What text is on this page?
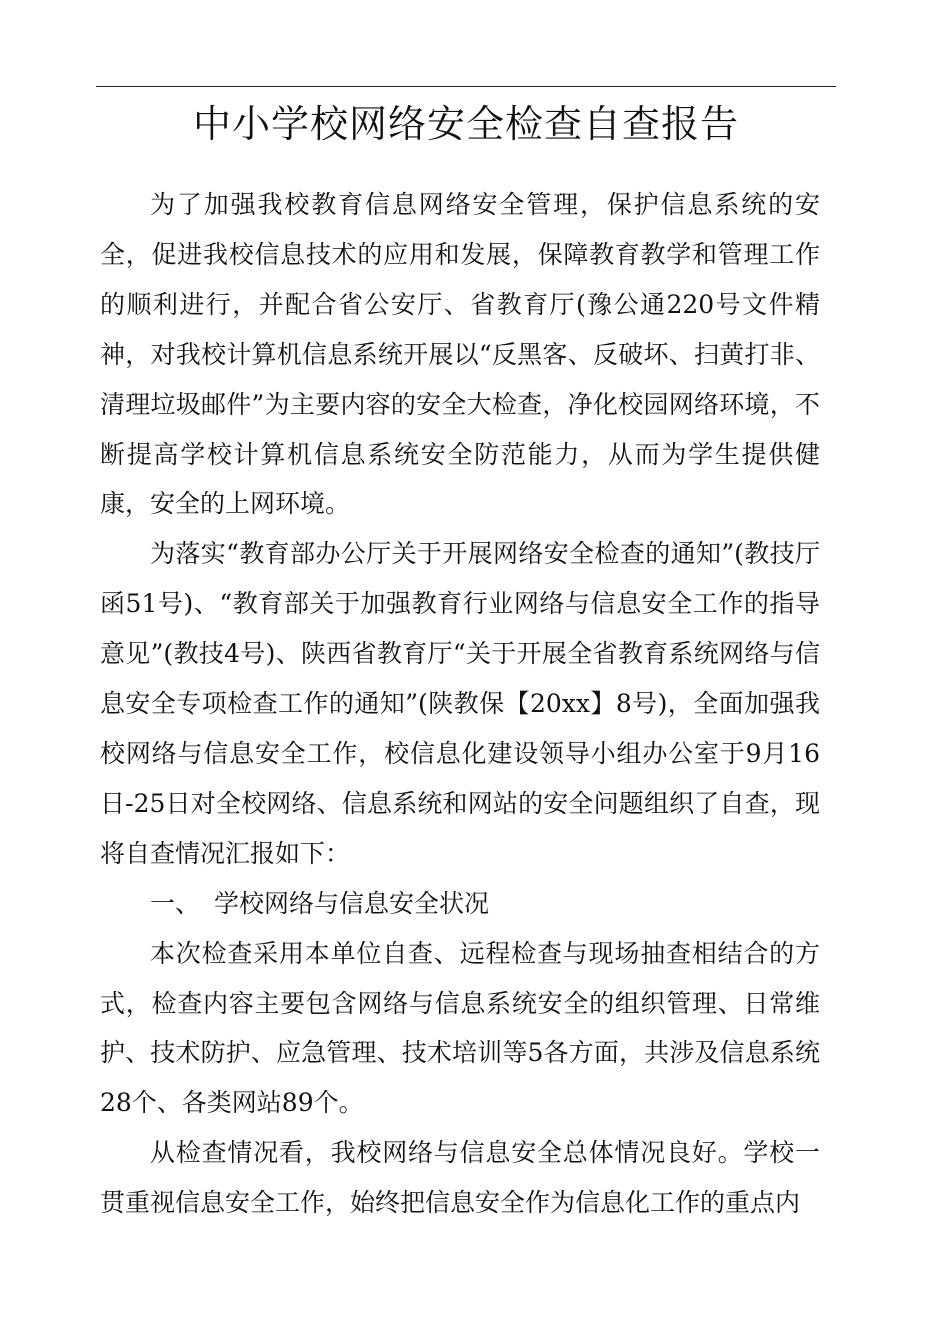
中小学校网络安全检查自查报告

为了加强我校教育信息网络安全管理，保护信息系统的安全，促进我校信息技术的应用和发展，保障教育教学和管理工作的顺利进行，并配合省公安厅、省教育厅(豫公通220号文件精神，对我校计算机信息系统开展以“反黑客、反破坏、扫黄打非、清理垃圾邮件”为主要内容的安全大检查，净化校园网络环境，不断提高学校计算机信息系统安全防范能力，从而为学生提供健康，安全的上网环境。

为落实“教育部办公厅关于开展网络安全检查的通知”(教技厅函51号)、“教育部关于加强教育行业网络与信息安全工作的指导意见”(教技4号)、陕西省教育厅“关于开展全省教育系统网络与信息安全专项检查工作的通知”(陕教保【20xx】8号)，全面加强我校网络与信息安全工作，校信息化建设领导小组办公室于9月16日-25日对全校网络、信息系统和网站的安全问题组织了自查，现将自查情况汇报如下：

一、 学校网络与信息安全状况

本次检查采用本单位自查、远程检查与现场抽查相结合的方式，检查内容主要包含网络与信息系统安全的组织管理、日常维护、技术防护、应急管理、技术培训等5各方面，共涉及信息系统28个、各类网站89个。

从检查情况看，我校网络与信息安全总体情况良好。学校一贯重视信息安全工作，始终把信息安全作为信息化工作的重点内
